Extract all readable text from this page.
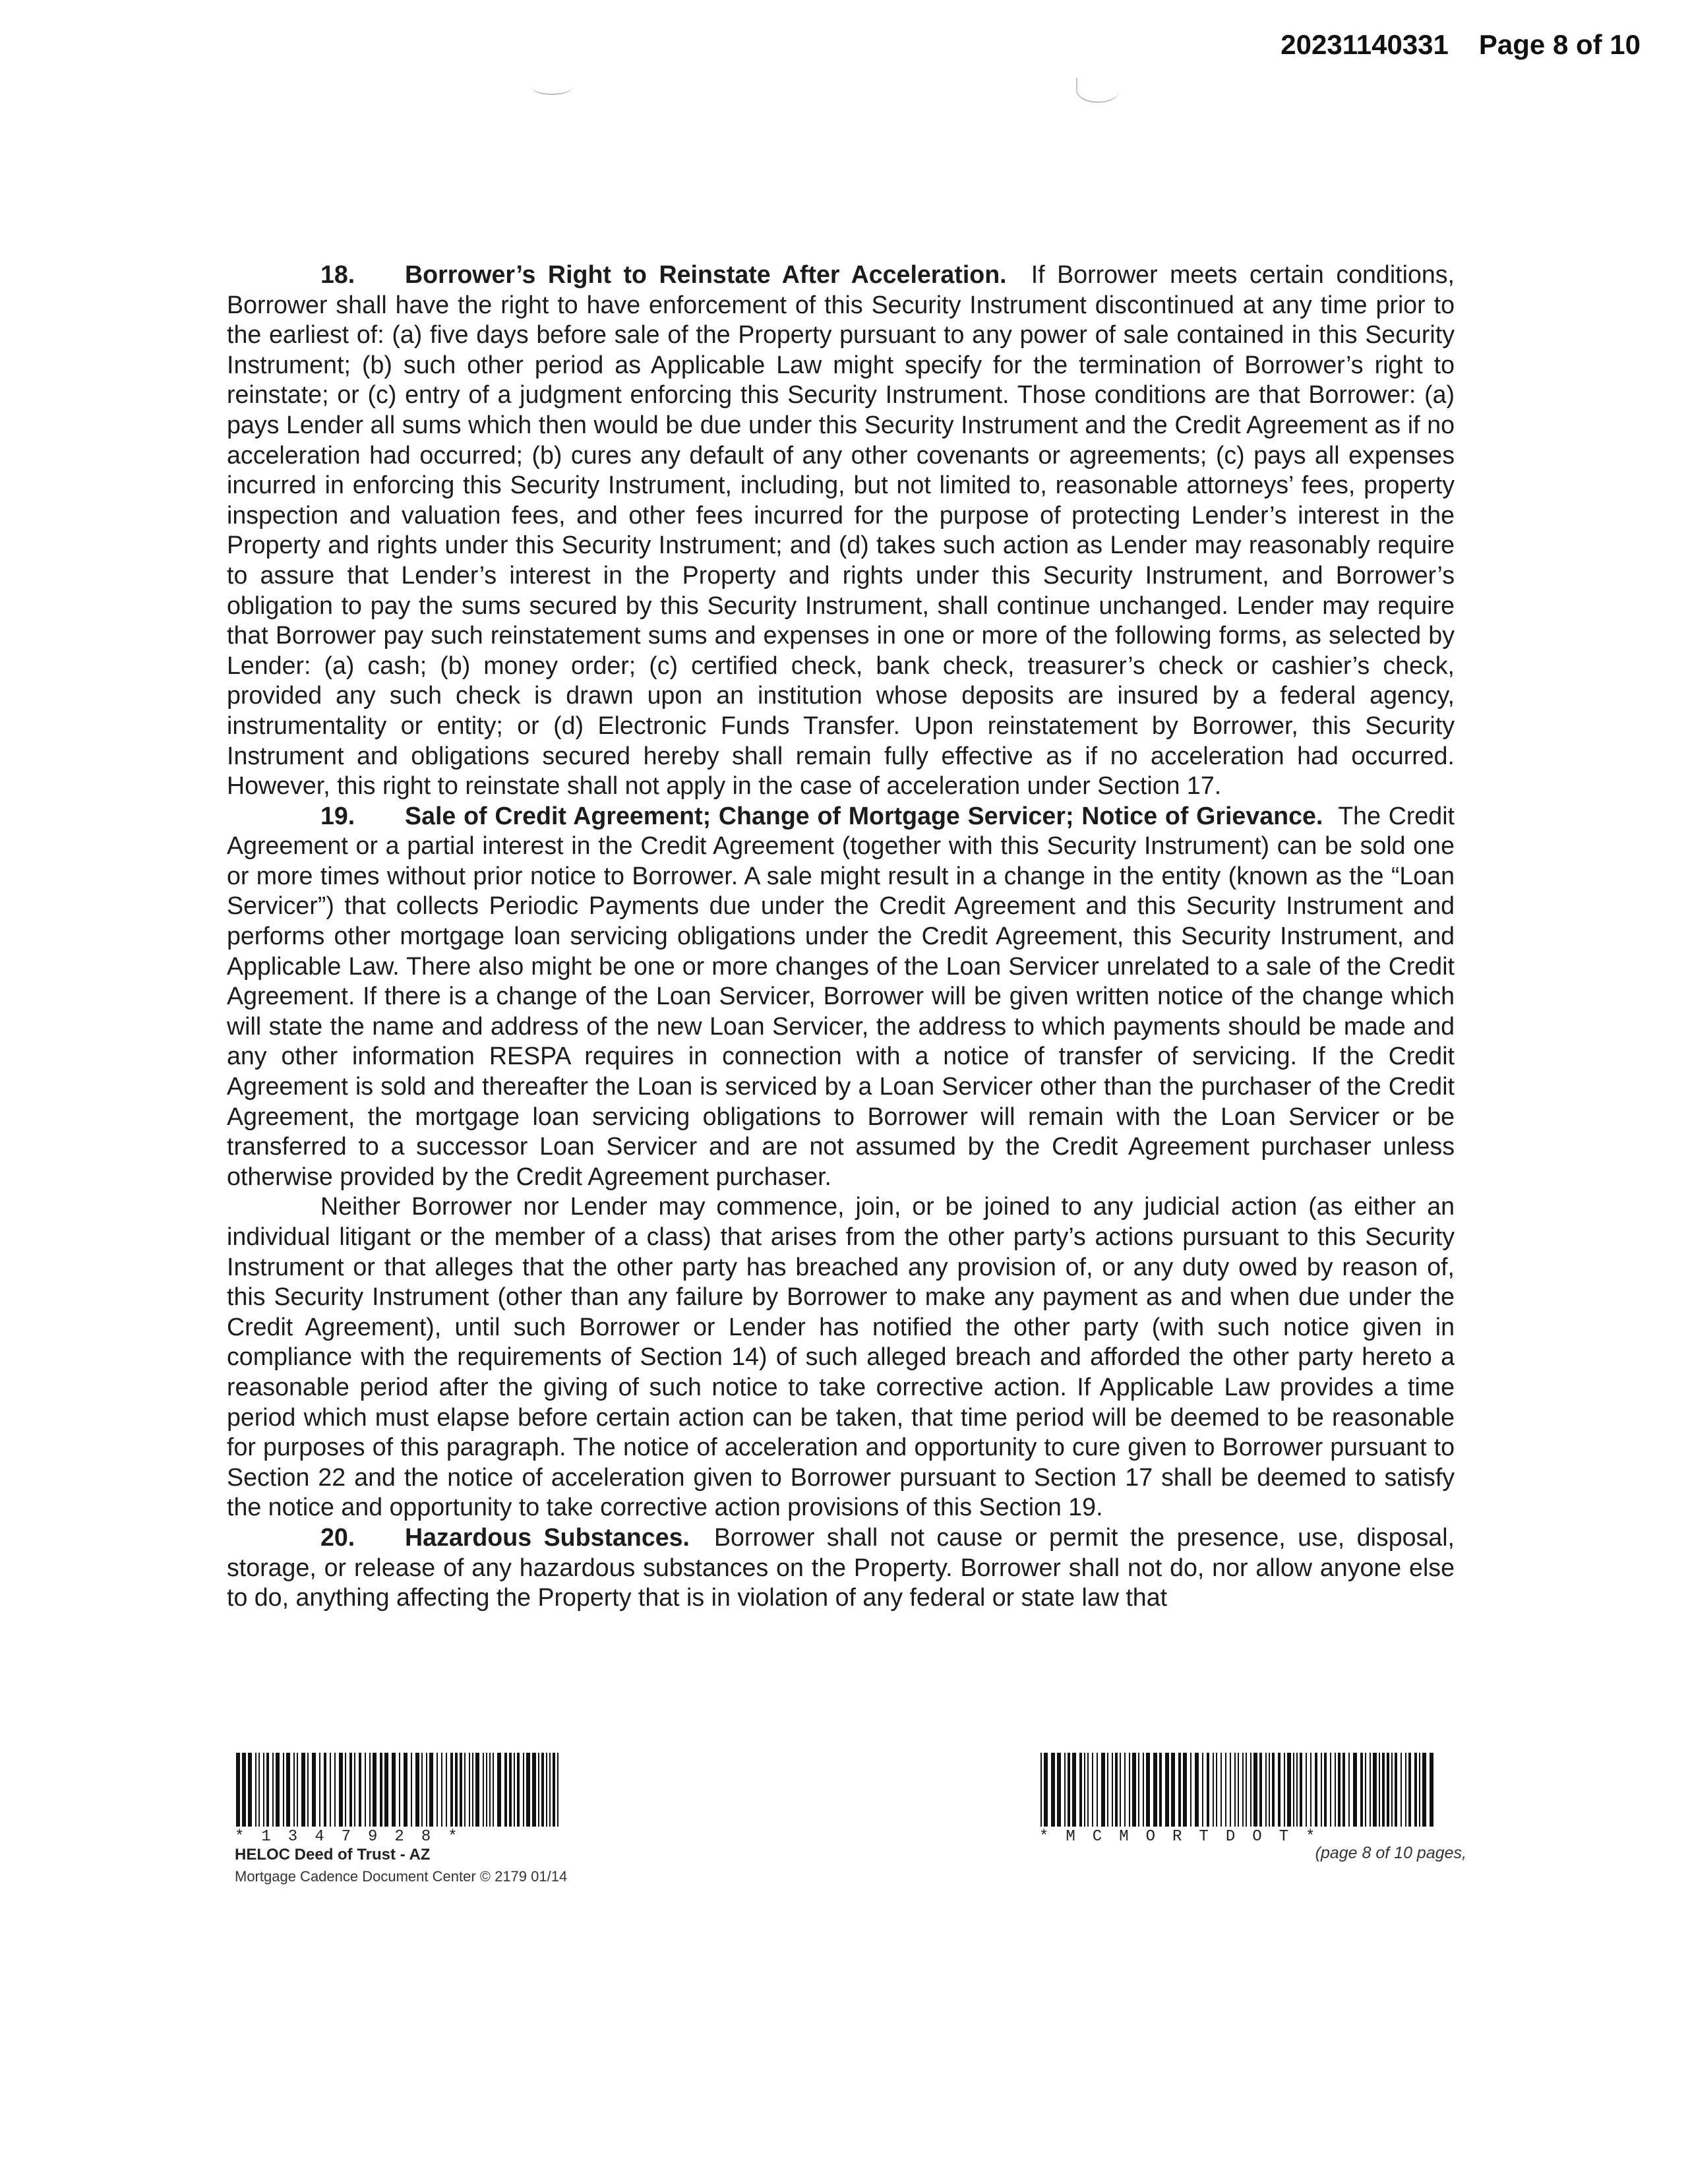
20231140331 Page 8 of 10

18. Borrower’s Right to Reinstate After Acceleration. If Borrower meets certain conditions, Borrower shall have the right to have enforcement of this Security Instrument discontinued at any time prior to the earliest of: (a) five days before sale of the Property pursuant to any power of sale contained in this Security Instrument; (b) such other period as Applicable Law might specify for the termination of Borrower’s right to reinstate; or (c) entry of a judgment enforcing this Security Instrument. Those conditions are that Borrower: (a) pays Lender all sums which then would be due under this Security Instrument and the Credit Agreement as if no acceleration had occurred; (b) cures any default of any other covenants or agreements; (c) pays all expenses incurred in enforcing this Security Instrument, including, but not limited to, reasonable attorneys’ fees, property inspection and valuation fees, and other fees incurred for the purpose of protecting Lender’s interest in the Property and rights under this Security Instrument; and (d) takes such action as Lender may reasonably require to assure that Lender’s interest in the Property and rights under this Security Instrument, and Borrower’s obligation to pay the sums secured by this Security Instrument, shall continue unchanged. Lender may require that Borrower pay such reinstatement sums and expenses in one or more of the following forms, as selected by Lender: (a) cash; (b) money order; (c) certified check, bank check, treasurer’s check or cashier’s check, provided any such check is drawn upon an institution whose deposits are insured by a federal agency, instrumentality or entity; or (d) Electronic Funds Transfer. Upon reinstatement by Borrower, this Security Instrument and obligations secured hereby shall remain fully effective as if no acceleration had occurred. However, this right to reinstate shall not apply in the case of acceleration under Section 17.

19. Sale of Credit Agreement; Change of Mortgage Servicer; Notice of Grievance. The Credit Agreement or a partial interest in the Credit Agreement (together with this Security Instrument) can be sold one or more times without prior notice to Borrower. A sale might result in a change in the entity (known as the “Loan Servicer”) that collects Periodic Payments due under the Credit Agreement and this Security Instrument and performs other mortgage loan servicing obligations under the Credit Agreement, this Security Instrument, and Applicable Law. There also might be one or more changes of the Loan Servicer unrelated to a sale of the Credit Agreement. If there is a change of the Loan Servicer, Borrower will be given written notice of the change which will state the name and address of the new Loan Servicer, the address to which payments should be made and any other information RESPA requires in connection with a notice of transfer of servicing. If the Credit Agreement is sold and thereafter the Loan is serviced by a Loan Servicer other than the purchaser of the Credit Agreement, the mortgage loan servicing obligations to Borrower will remain with the Loan Servicer or be transferred to a successor Loan Servicer and are not assumed by the Credit Agreement purchaser unless otherwise provided by the Credit Agreement purchaser.

Neither Borrower nor Lender may commence, join, or be joined to any judicial action (as either an individual litigant or the member of a class) that arises from the other party’s actions pursuant to this Security Instrument or that alleges that the other party has breached any provision of, or any duty owed by reason of, this Security Instrument (other than any failure by Borrower to make any payment as and when due under the Credit Agreement), until such Borrower or Lender has notified the other party (with such notice given in compliance with the requirements of Section 14) of such alleged breach and afforded the other party hereto a reasonable period after the giving of such notice to take corrective action. If Applicable Law provides a time period which must elapse before certain action can be taken, that time period will be deemed to be reasonable for purposes of this paragraph. The notice of acceleration and opportunity to cure given to Borrower pursuant to Section 22 and the notice of acceleration given to Borrower pursuant to Section 17 shall be deemed to satisfy the notice and opportunity to take corrective action provisions of this Section 19.

20. Hazardous Substances. Borrower shall not cause or permit the presence, use, disposal, storage, or release of any hazardous substances on the Property. Borrower shall not do, nor allow anyone else to do, anything affecting the Property that is in violation of any federal or state law that

*1347928*
HELOC Deed of Trust - AZ
Mortgage Cadence Document Center © 2179 01/14
*MCMORTDOT*
(page 8 of 10 pages,
